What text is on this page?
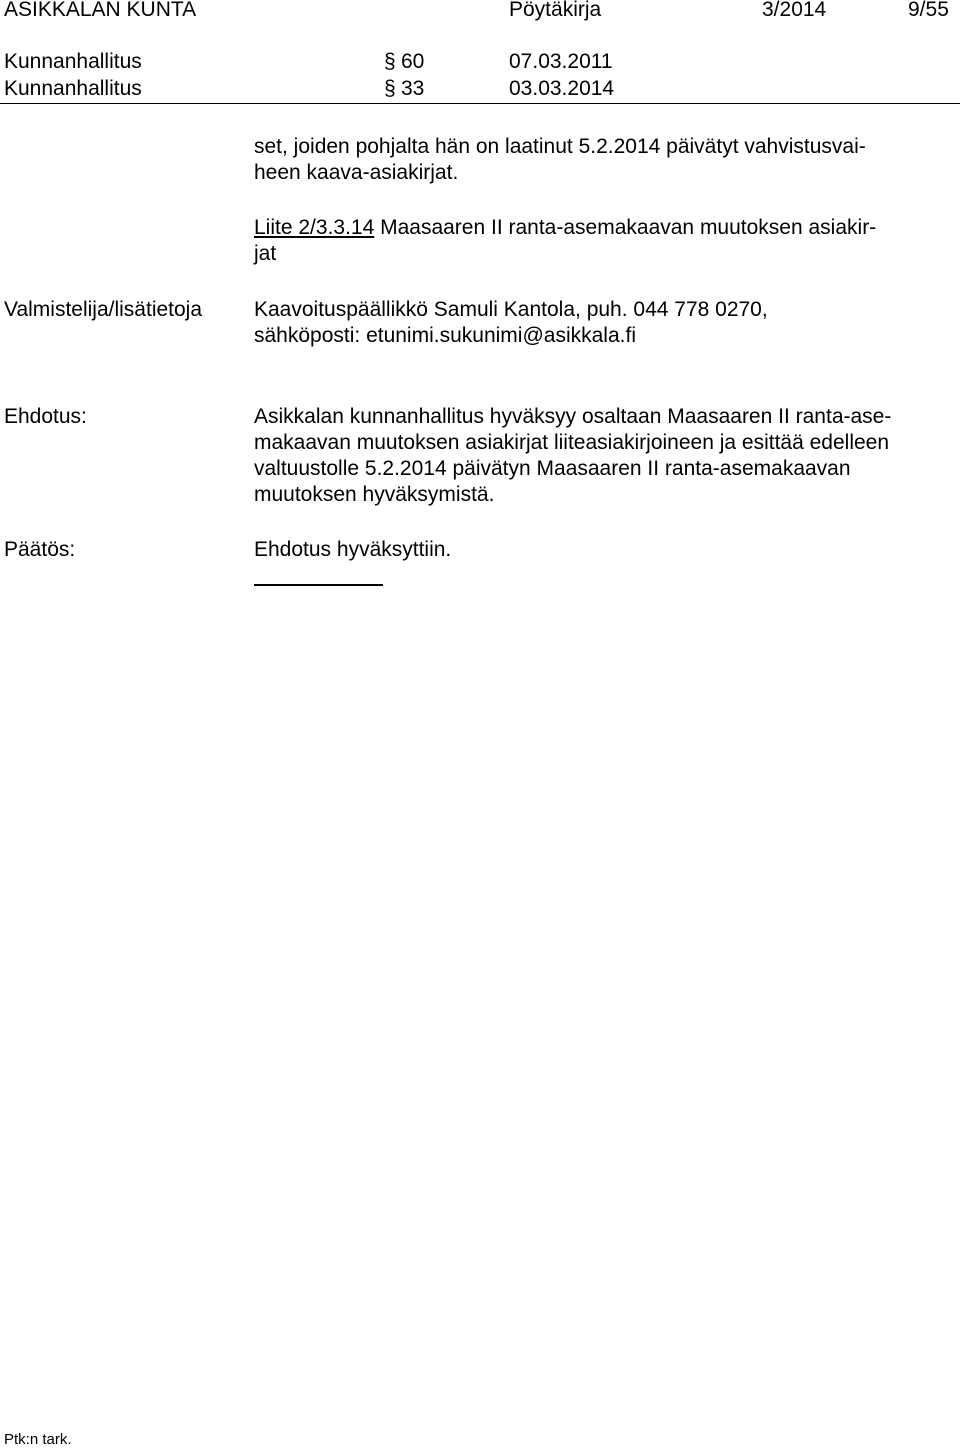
ASIKKALAN KUNTA	Pöytäkirja	3/2014	9/55
Kunnanhallitus	§ 60	07.03.2011
Kunnanhallitus	§ 33	03.03.2014
set, joiden pohjalta hän on laatinut 5.2.2014 päivätyt vahvistusvai-
heen kaava-asiakirjat.
Liite 2/3.3.14 Maasaaren II ranta-asemakaavan muutoksen asiakir-
jat
Valmistelija/lisätietoja Kaavoituspäällikkö Samuli Kantola, puh. 044 778 0270,
sähköposti: etunimi.sukunimi@asikkala.fi
Ehdotus:	Asikkalan kunnanhallitus hyväksyy osaltaan Maasaaren II ranta-ase-
makaavan muutoksen asiakirjat liiteasiakirjoineen ja esittää edelleen
valtuustolle 5.2.2014 päivätyn Maasaaren II ranta-asemakaavan
muutoksen hyväksymistä.
Päätös:	Ehdotus hyväksyttiin.
Ptk:n tark.
